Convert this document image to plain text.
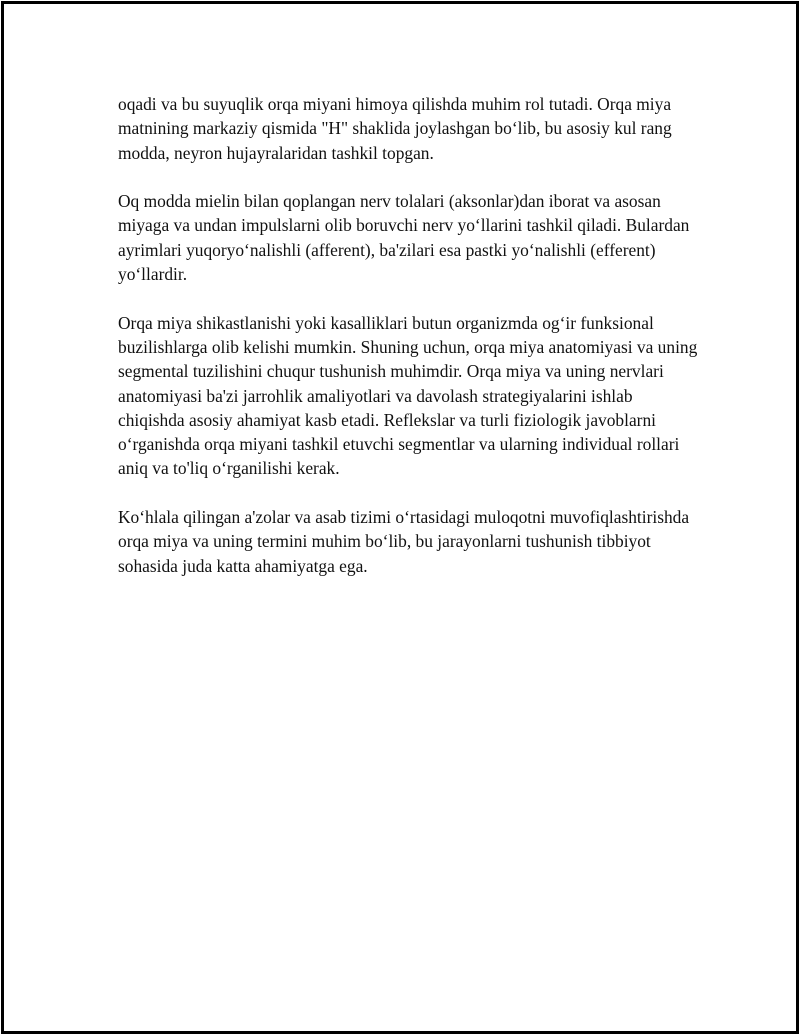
oqadi va bu suyuqlik orqa miyani himoya qilishda muhim rol tutadi. Orqa miya matnining markaziy qismida "H" shaklida joylashgan bo‘lib, bu asosiy kul rang modda, neyron hujayralaridan tashkil topgan.

Oq modda mielin bilan qoplangan nerv tolalari (aksonlar)dan iborat va asosan miyaga va undan impulslarni olib boruvchi nerv yo‘llarini tashkil qiladi. Bulardan ayrimlari yuqoryo‘nalishli (afferent), ba'zilari esa pastki yo‘nalishli (efferent) yo‘llardir.

Orqa miya shikastlanishi yoki kasalliklari butun organizmda og‘ir funksional buzilishlarga olib kelishi mumkin. Shuning uchun, orqa miya anatomiyasi va uning segmental tuzilishini chuqur tushunish muhimdir. Orqa miya va uning nervlari anatomiyasi ba'zi jarrohlik amaliyotlari va davolash strategiyalarini ishlab chiqishda asosiy ahamiyat kasb etadi. Reflekslar va turli fiziologik javoblarni o‘rganishda orqa miyani tashkil etuvchi segmentlar va ularning individual rollari aniq va to'liq o‘rganilishi kerak.

Ko‘hlala qilingan a'zolar va asab tizimi o‘rtasidagi muloqotni muvofiqlashtirishda orqa miya va uning termini muhim bo‘lib, bu jarayonlarni tushunish tibbiyot sohasida juda katta ahamiyatga ega.
